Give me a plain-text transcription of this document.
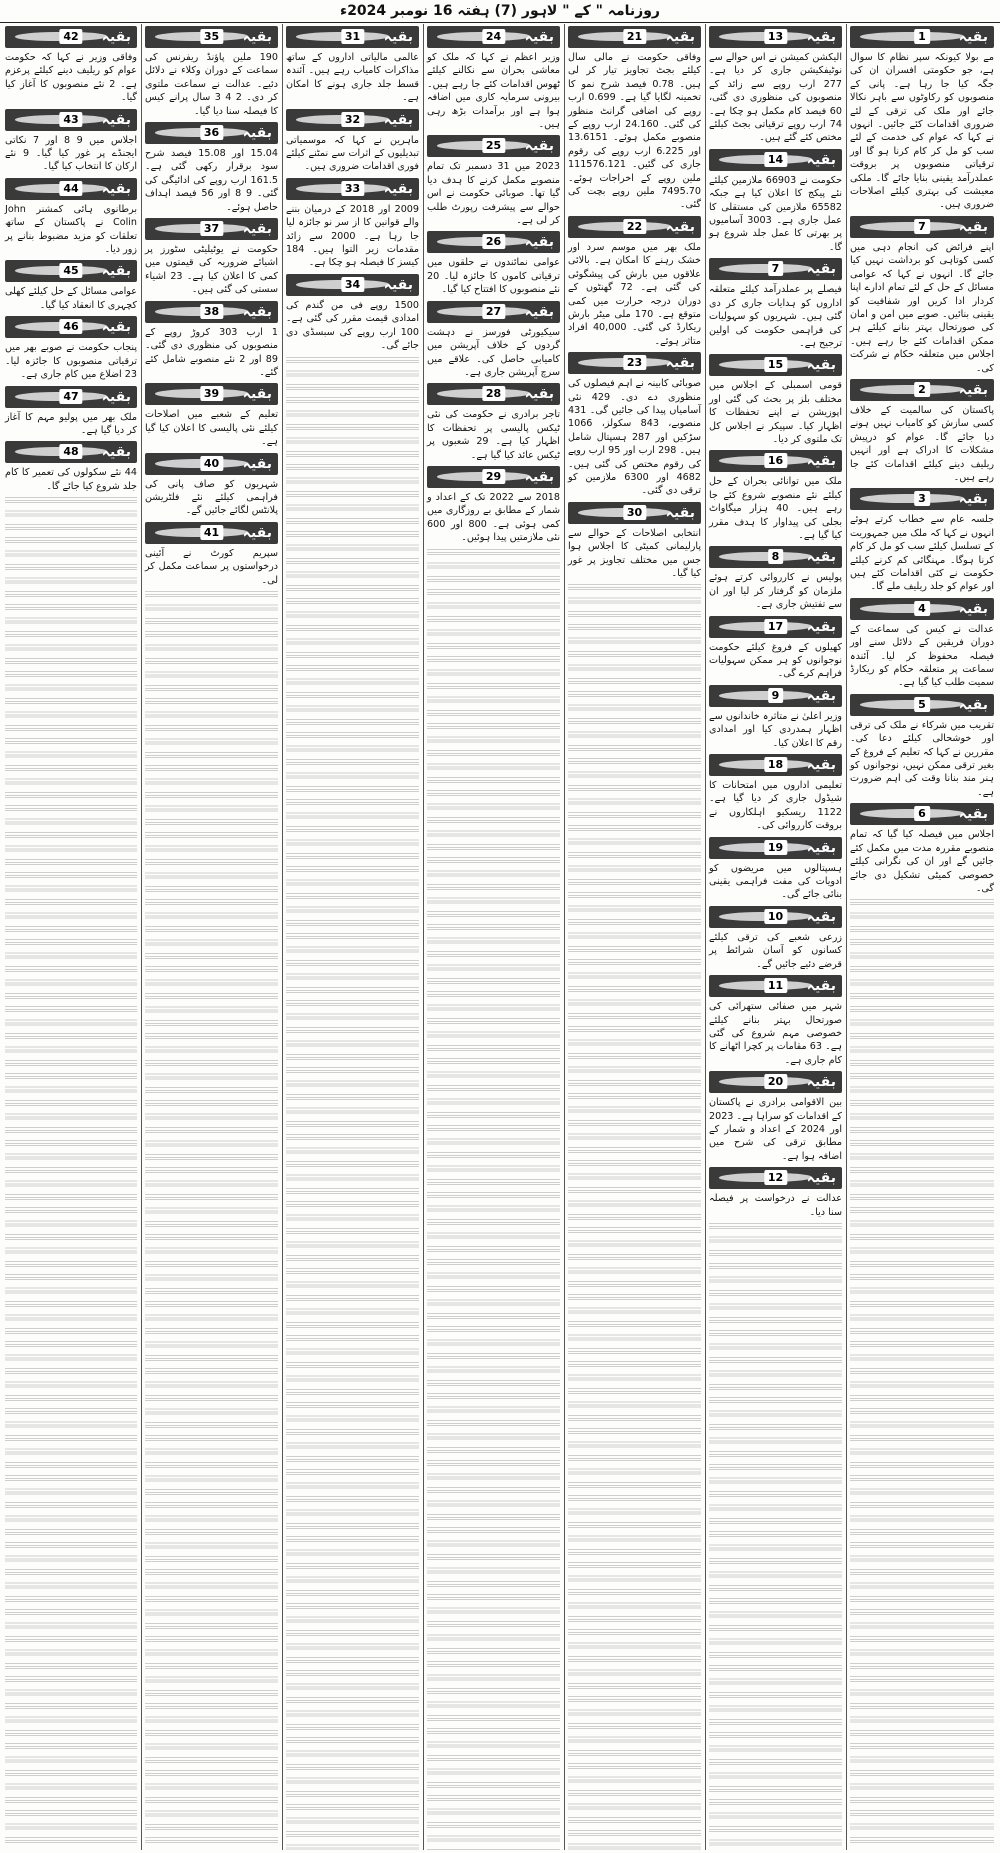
روزنامہ " کے " لاہور (7) ہفتہ 16 نومبر 2024ء
بقیہ
1

مے بولا کیونکہ سپر نظام کا سوال ہے، جو حکومتی افسران ان کی جگہ کیا جا رہا ہے۔ پانی کے منصوبوں کو رکاوٹوں سے باہر نکالا جائے اور ملک کی ترقی کے لئے ضروری اقدامات کئے جائیں۔ انہوں نے کہا کہ عوام کی خدمت کے لئے سب کو مل کر کام کرنا ہو گا اور ترقیاتی منصوبوں پر بروقت عملدرآمد یقینی بنایا جائے گا۔ ملکی معیشت کی بہتری کیلئے اصلاحات ضروری ہیں۔

بقیہ
7

اپنے فرائض کی انجام دہی میں کسی کوتاہی کو برداشت نہیں کیا جائے گا۔ انہوں نے کہا کہ عوامی مسائل کے حل کے لئے تمام ادارے اپنا کردار ادا کریں اور شفافیت کو یقینی بنائیں۔ صوبے میں امن و امان کی صورتحال بہتر بنانے کیلئے ہر ممکن اقدامات کئے جا رہے ہیں۔ اجلاس میں متعلقہ حکام نے شرکت کی۔

بقیہ
2

پاکستان کی سالمیت کے خلاف کسی سازش کو کامیاب نہیں ہونے دیا جائے گا۔ عوام کو درپیش مشکلات کا ادراک ہے اور انہیں ریلیف دینے کیلئے اقدامات کئے جا رہے ہیں۔

بقیہ
3

جلسہ عام سے خطاب کرتے ہوئے انہوں نے کہا کہ ملک میں جمہوریت کے تسلسل کیلئے سب کو مل کر کام کرنا ہوگا۔ مہنگائی کم کرنے کیلئے حکومت نے کئی اقدامات کئے ہیں اور عوام کو جلد ریلیف ملے گا۔

بقیہ
4

عدالت نے کیس کی سماعت کے دوران فریقین کے دلائل سنے اور فیصلہ محفوظ کر لیا۔ آئندہ سماعت پر متعلقہ حکام کو ریکارڈ سمیت طلب کیا گیا ہے۔

بقیہ
5

تقریب میں شرکاء نے ملک کی ترقی اور خوشحالی کیلئے دعا کی۔ مقررین نے کہا کہ تعلیم کے فروغ کے بغیر ترقی ممکن نہیں، نوجوانوں کو ہنر مند بنانا وقت کی اہم ضرورت ہے۔

بقیہ
6

اجلاس میں فیصلہ کیا گیا کہ تمام منصوبے مقررہ مدت میں مکمل کئے جائیں گے اور ان کی نگرانی کیلئے خصوصی کمیٹی تشکیل دی جائے گی۔

بقیہ
13

الیکشن کمیشن نے اس حوالے سے نوٹیفکیشن جاری کر دیا ہے۔ 277 ارب روپے سے زائد کے منصوبوں کی منظوری دی گئی، 60 فیصد کام مکمل ہو چکا ہے۔ 74 ارب روپے ترقیاتی بجٹ کیلئے مختص کئے گئے ہیں۔

بقیہ
14

حکومت نے 66903 ملازمین کیلئے نئے پیکج کا اعلان کیا ہے جبکہ 65582 ملازمین کی مستقلی کا عمل جاری ہے۔ 3003 آسامیوں پر بھرتی کا عمل جلد شروع ہو گا۔

بقیہ
7

فیصلے پر عملدرآمد کیلئے متعلقہ اداروں کو ہدایات جاری کر دی گئی ہیں۔ شہریوں کو سہولیات کی فراہمی حکومت کی اولین ترجیح ہے۔

بقیہ
15

قومی اسمبلی کے اجلاس میں مختلف بلز پر بحث کی گئی اور اپوزیشن نے اپنے تحفظات کا اظہار کیا۔ سپیکر نے اجلاس کل تک ملتوی کر دیا۔

بقیہ
16

ملک میں توانائی بحران کے حل کیلئے نئے منصوبے شروع کئے جا رہے ہیں۔ 40 ہزار میگاواٹ بجلی کی پیداوار کا ہدف مقرر کیا گیا ہے۔

بقیہ
8

پولیس نے کارروائی کرتے ہوئے ملزمان کو گرفتار کر لیا اور ان سے تفتیش جاری ہے۔

بقیہ
17

کھیلوں کے فروغ کیلئے حکومت نوجوانوں کو ہر ممکن سہولیات فراہم کرے گی۔

بقیہ
9

وزیر اعلیٰ نے متاثرہ خاندانوں سے اظہار ہمدردی کیا اور امدادی رقم کا اعلان کیا۔

بقیہ
18

تعلیمی اداروں میں امتحانات کا شیڈول جاری کر دیا گیا ہے۔ 1122 ریسکیو اہلکاروں نے بروقت کارروائی کی۔

بقیہ
19

ہسپتالوں میں مریضوں کو ادویات کی مفت فراہمی یقینی بنائی جائے گی۔

بقیہ
10

زرعی شعبے کی ترقی کیلئے کسانوں کو آسان شرائط پر قرضے دئیے جائیں گے۔

بقیہ
11

شہر میں صفائی ستھرائی کی صورتحال بہتر بنانے کیلئے خصوصی مہم شروع کی گئی ہے۔ 63 مقامات پر کچرا اٹھانے کا کام جاری ہے۔

بقیہ
20

بین الاقوامی برادری نے پاکستان کے اقدامات کو سراہا ہے۔ 2023 اور 2024 کے اعداد و شمار کے مطابق ترقی کی شرح میں اضافہ ہوا ہے۔

بقیہ
12

عدالت نے درخواست پر فیصلہ سنا دیا۔

بقیہ
21

وفاقی حکومت نے مالی سال کیلئے بجٹ تجاویز تیار کر لی ہیں۔ 0.78 فیصد شرح نمو کا تخمینہ لگایا گیا ہے۔ 0.699 ارب روپے کی اضافی گرانٹ منظور کی گئی۔ 24.160 ارب روپے کے منصوبے مکمل ہوئے۔ 13.6151 اور 6.225 ارب روپے کی رقوم جاری کی گئیں۔ 111576.121 ملین روپے کے اخراجات ہوئے۔ 7495.70 ملین روپے بچت کی گئی۔

بقیہ
22

ملک بھر میں موسم سرد اور خشک رہنے کا امکان ہے۔ بالائی علاقوں میں بارش کی پیشگوئی کی گئی ہے۔ 72 گھنٹوں کے دوران درجہ حرارت میں کمی متوقع ہے۔ 170 ملی میٹر بارش ریکارڈ کی گئی۔ 40,000 افراد متاثر ہوئے۔

بقیہ
23

صوبائی کابینہ نے اہم فیصلوں کی منظوری دے دی۔ 429 نئی آسامیاں پیدا کی جائیں گی۔ 431 منصوبے، 843 سکولز، 1066 سڑکیں اور 287 ہسپتال شامل ہیں۔ 298 ارب اور 95 ارب روپے کی رقوم مختص کی گئی ہیں۔ 4682 اور 6300 ملازمین کو ترقی دی گئی۔

بقیہ
30

انتخابی اصلاحات کے حوالے سے پارلیمانی کمیٹی کا اجلاس ہوا جس میں مختلف تجاویز پر غور کیا گیا۔

بقیہ
24

وزیر اعظم نے کہا کہ ملک کو معاشی بحران سے نکالنے کیلئے ٹھوس اقدامات کئے جا رہے ہیں۔ بیرونی سرمایہ کاری میں اضافہ ہوا ہے اور برآمدات بڑھ رہی ہیں۔

بقیہ
25

2023 میں 31 دسمبر تک تمام منصوبے مکمل کرنے کا ہدف دیا گیا تھا۔ صوبائی حکومت نے اس حوالے سے پیشرفت رپورٹ طلب کر لی ہے۔

بقیہ
26

عوامی نمائندوں نے حلقوں میں ترقیاتی کاموں کا جائزہ لیا۔ 20 نئے منصوبوں کا افتتاح کیا گیا۔

بقیہ
27

سیکیورٹی فورسز نے دہشت گردوں کے خلاف آپریشن میں کامیابی حاصل کی۔ علاقے میں سرچ آپریشن جاری ہے۔

بقیہ
28

تاجر برادری نے حکومت کی نئی ٹیکس پالیسی پر تحفظات کا اظہار کیا ہے۔ 29 شعبوں پر ٹیکس عائد کیا گیا ہے۔

بقیہ
29

2018 سے 2022 تک کے اعداد و شمار کے مطابق بے روزگاری میں کمی ہوئی ہے۔ 800 اور 600 نئی ملازمتیں پیدا ہوئیں۔

بقیہ
31

عالمی مالیاتی اداروں کے ساتھ مذاکرات کامیاب رہے ہیں۔ آئندہ قسط جلد جاری ہونے کا امکان ہے۔

بقیہ
32

ماہرین نے کہا کہ موسمیاتی تبدیلیوں کے اثرات سے نمٹنے کیلئے فوری اقدامات ضروری ہیں۔

بقیہ
33

2009 اور 2018 کے درمیان بننے والے قوانین کا از سر نو جائزہ لیا جا رہا ہے۔ 2000 سے زائد مقدمات زیر التوا ہیں۔ 184 کیسز کا فیصلہ ہو چکا ہے۔

بقیہ
34

1500 روپے فی من گندم کی امدادی قیمت مقرر کی گئی ہے۔ 100 ارب روپے کی سبسڈی دی جائے گی۔

بقیہ
35

190 ملین پاؤنڈ ریفرنس کی سماعت کے دوران وکلاء نے دلائل دئیے۔ عدالت نے سماعت ملتوی کر دی۔ 2 4 3 سال پرانے کیس کا فیصلہ سنا دیا گیا۔

بقیہ
36

15.04 اور 15.08 فیصد شرح سود برقرار رکھی گئی ہے۔ 161.5 ارب روپے کی ادائیگی کی گئی۔ 9 8 اور 56 فیصد اہداف حاصل ہوئے۔

بقیہ
37

حکومت نے یوٹیلیٹی سٹورز پر اشیائے ضروریہ کی قیمتوں میں کمی کا اعلان کیا ہے۔ 23 اشیاء سستی کی گئی ہیں۔

بقیہ
38

1 ارب 303 کروڑ روپے کے منصوبوں کی منظوری دی گئی۔ 89 اور 2 نئے منصوبے شامل کئے گئے۔

بقیہ
39

تعلیم کے شعبے میں اصلاحات کیلئے نئی پالیسی کا اعلان کیا گیا ہے۔

بقیہ
40

شہریوں کو صاف پانی کی فراہمی کیلئے نئے فلٹریشن پلانٹس لگائے جائیں گے۔

بقیہ
41

سپریم کورٹ نے آئینی درخواستوں پر سماعت مکمل کر لی۔

بقیہ
42

وفاقی وزیر نے کہا کہ حکومت عوام کو ریلیف دینے کیلئے پرعزم ہے۔ 2 نئے منصوبوں کا آغاز کیا گیا۔

بقیہ
43

اجلاس میں 9 8 اور 7 نکاتی ایجنڈے پر غور کیا گیا۔ 9 نئے ارکان کا انتخاب کیا گیا۔

بقیہ
44

برطانوی ہائی کمشنر John Colin نے پاکستان کے ساتھ تعلقات کو مزید مضبوط بنانے پر زور دیا۔

بقیہ
45

عوامی مسائل کے حل کیلئے کھلی کچہری کا انعقاد کیا گیا۔

بقیہ
46

پنجاب حکومت نے صوبے بھر میں ترقیاتی منصوبوں کا جائزہ لیا۔ 23 اضلاع میں کام جاری ہے۔

بقیہ
47

ملک بھر میں پولیو مہم کا آغاز کر دیا گیا ہے۔

بقیہ
48

44 نئے سکولوں کی تعمیر کا کام جلد شروع کیا جائے گا۔
